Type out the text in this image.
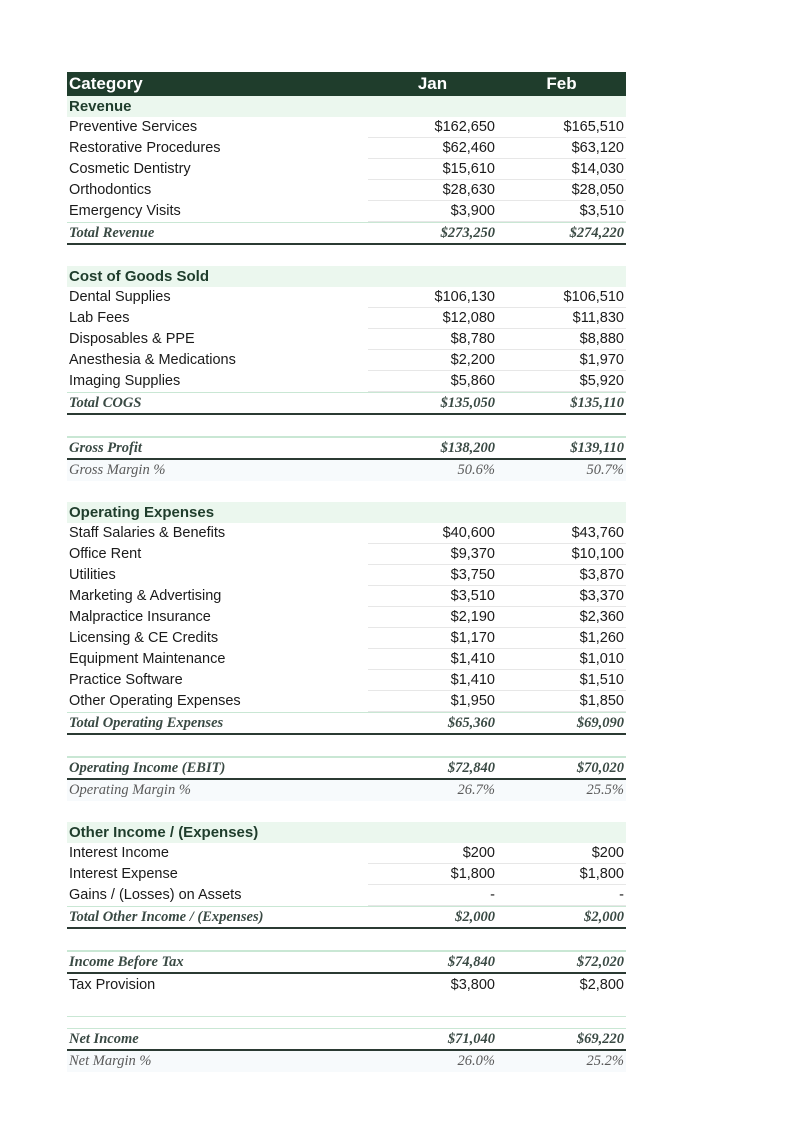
Category	Jan	Feb
Revenue
Preventive Services	$162,650	$165,510
Restorative Procedures	$62,460	$63,120
Cosmetic Dentistry	$15,610	$14,030
Orthodontics	$28,630	$28,050
Emergency Visits	$3,900	$3,510
Total Revenue	$273,250	$274,220
Cost of Goods Sold
Dental Supplies	$106,130	$106,510
Lab Fees	$12,080	$11,830
Disposables & PPE	$8,780	$8,880
Anesthesia & Medications	$2,200	$1,970
Imaging Supplies	$5,860	$5,920
Total COGS	$135,050	$135,110
Gross Profit	$138,200	$139,110
Gross Margin %	50.6%	50.7%
Operating Expenses
Staff Salaries & Benefits	$40,600	$43,760
Office Rent	$9,370	$10,100
Utilities	$3,750	$3,870
Marketing & Advertising	$3,510	$3,370
Malpractice Insurance	$2,190	$2,360
Licensing & CE Credits	$1,170	$1,260
Equipment Maintenance	$1,410	$1,010
Practice Software	$1,410	$1,510
Other Operating Expenses	$1,950	$1,850
Total Operating Expenses	$65,360	$69,090
Operating Income (EBIT)	$72,840	$70,020
Operating Margin %	26.7%	25.5%
Other Income / (Expenses)
Interest Income	$200	$200
Interest Expense	$1,800	$1,800
Gains / (Losses) on Assets	-	-
Total Other Income / (Expenses)	$2,000	$2,000
Income Before Tax	$74,840	$72,020
Tax Provision	$3,800	$2,800
Net Income	$71,040	$69,220
Net Margin %	26.0%	25.2%
